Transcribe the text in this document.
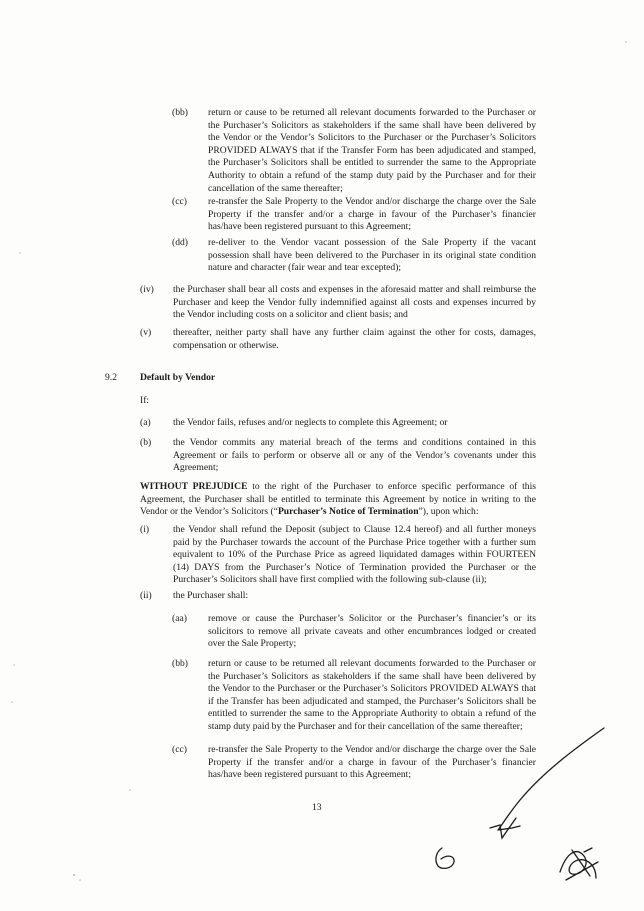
(bb) return or cause to be returned all relevant documents forwarded to the Purchaser or the Purchaser’s Solicitors as stakeholders if the same shall have been delivered by the Vendor or the Vendor’s Solicitors to the Purchaser or the Purchaser’s Solicitors PROVIDED ALWAYS that if the Transfer Form has been adjudicated and stamped, the Purchaser’s Solicitors shall be entitled to surrender the same to the Appropriate Authority to obtain a refund of the stamp duty paid by the Purchaser and for their cancellation of the same thereafter;

(cc) re-transfer the Sale Property to the Vendor and/or discharge the charge over the Sale Property if the transfer and/or a charge in favour of the Purchaser’s financier has/have been registered pursuant to this Agreement;

(dd) re-deliver to the Vendor vacant possession of the Sale Property if the vacant possession shall have been delivered to the Purchaser in its original state condition nature and character (fair wear and tear excepted);

(iv) the Purchaser shall bear all costs and expenses in the aforesaid matter and shall reimburse the Purchaser and keep the Vendor fully indemnified against all costs and expenses incurred by the Vendor including costs on a solicitor and client basis; and

(v) thereafter, neither party shall have any further claim against the other for costs, damages, compensation or otherwise.

9.2 Default by Vendor

If:

(a) the Vendor fails, refuses and/or neglects to complete this Agreement; or

(b) the Vendor commits any material breach of the terms and conditions contained in this Agreement or fails to perform or observe all or any of the Vendor’s covenants under this Agreement;

WITHOUT PREJUDICE to the right of the Purchaser to enforce specific performance of this Agreement, the Purchaser shall be entitled to terminate this Agreement by notice in writing to the Vendor or the Vendor’s Solicitors (“Purchaser’s Notice of Termination”), upon which:

(i) the Vendor shall refund the Deposit (subject to Clause 12.4 hereof) and all further moneys paid by the Purchaser towards the account of the Purchase Price together with a further sum equivalent to 10% of the Purchase Price as agreed liquidated damages within FOURTEEN (14) DAYS from the Purchaser’s Notice of Termination provided the Purchaser or the Purchaser’s Solicitors shall have first complied with the following sub-clause (ii);

(ii) the Purchaser shall:

(aa) remove or cause the Purchaser’s Solicitor or the Purchaser’s financier’s or its solicitors to remove all private caveats and other encumbrances lodged or created over the Sale Property;

(bb) return or cause to be returned all relevant documents forwarded to the Purchaser or the Purchaser’s Solicitors as stakeholders if the same shall have been delivered by the Vendor to the Purchaser or the Purchaser’s Solicitors PROVIDED ALWAYS that if the Transfer has been adjudicated and stamped, the Purchaser’s Solicitors shall be entitled to surrender the same to the Appropriate Authority to obtain a refund of the stamp duty paid by the Purchaser and for their cancellation of the same thereafter;

(cc) re-transfer the Sale Property to the Vendor and/or discharge the charge over the Sale Property if the transfer and/or a charge in favour of the Purchaser’s financier has/have been registered pursuant to this Agreement;

13
